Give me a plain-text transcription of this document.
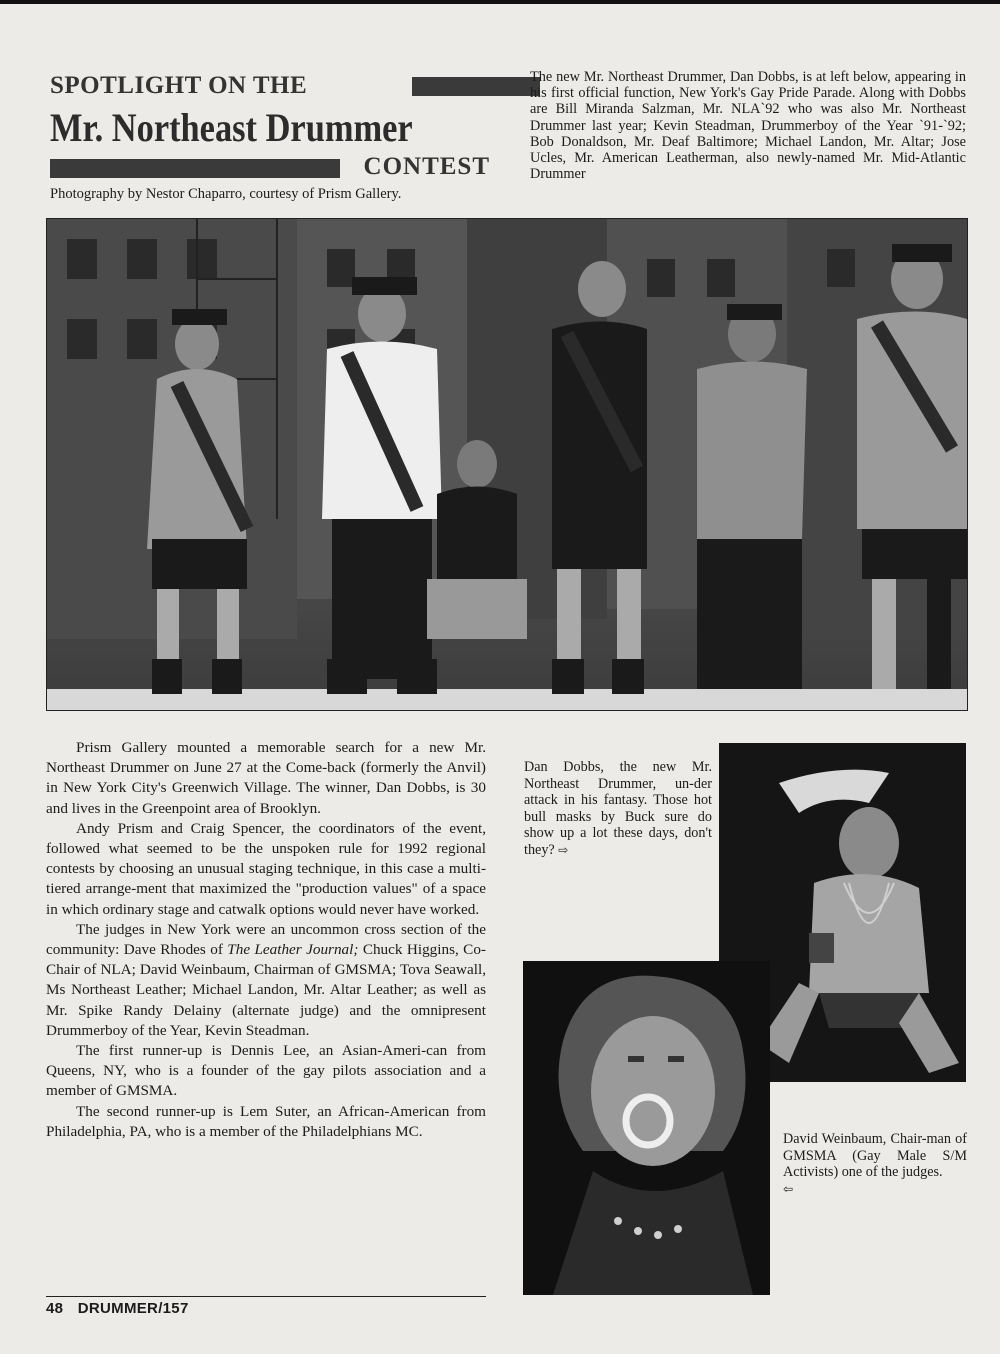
SPOTLIGHT ON THE
Mr. Northeast Drummer
CONTEST
Photography by Nestor Chaparro, courtesy of Prism Gallery.

The new Mr. Northeast Drummer, Dan Dobbs, is at left below, appearing in his first official function, New York's Gay Pride Parade. Along with Dobbs are Bill Miranda Salzman, Mr. NLA`92 who was also Mr. Northeast Drummer last year; Kevin Steadman, Drummerboy of the Year `91-`92; Bob Donaldson, Mr. Deaf Baltimore; Michael Landon, Mr. Altar; Jose Ucles, Mr. American Leatherman, also newly-named Mr. Mid-Atlantic Drummer

Prism Gallery mounted a memorable search for a new Mr. Northeast Drummer on June 27 at the Come-back (formerly the Anvil) in New York City's Greenwich Village. The winner, Dan Dobbs, is 30 and lives in the Greenpoint area of Brooklyn.

Andy Prism and Craig Spencer, the coordinators of the event, followed what seemed to be the unspoken rule for 1992 regional contests by choosing an unusual staging technique, in this case a multi-tiered arrange-ment that maximized the "production values" of a space in which ordinary stage and catwalk options would never have worked.

The judges in New York were an uncommon cross section of the community: Dave Rhodes of The Leather Journal; Chuck Higgins, Co-Chair of NLA; David Weinbaum, Chairman of GMSMA; Tova Seawall, Ms Northeast Leather; Michael Landon, Mr. Altar Leather; as well as Mr. Spike Randy Delainy (alternate judge) and the omnipresent Drummerboy of the Year, Kevin Steadman.

The first runner-up is Dennis Lee, an Asian-Ameri-can from Queens, NY, who is a founder of the gay pilots association and a member of GMSMA.

The second runner-up is Lem Suter, an African-American from Philadelphia, PA, who is a member of the Philadelphians MC.

Dan Dobbs, the new Mr. Northeast Drummer, un-der attack in his fantasy. Those hot bull masks by Buck sure do show up a lot these days, don't they? ⇨
David Weinbaum, Chair-man of GMSMA (Gay Male S/M Activists) one of the judges.
⇦
48 DRUMMER/157
